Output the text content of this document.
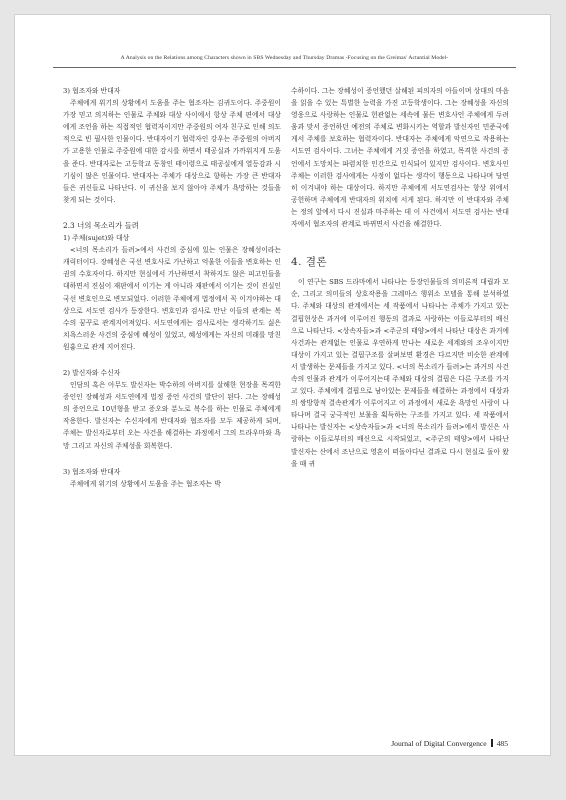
A Analysis on the Relations among Characters shown in SBS Wednesday and Thursday Dramas -Focusing on the Greimas' Actantial Model-

3) 협조자와 반대자

주체에게 위기의 상황에서 도움을 주는 협조자는 김귀도이다. 주중원이 가장 믿고 의지하는 인물로 주체와 대상 사이에서 항상 주체 편에서 대상에게 조언을 하는 직접적인 협력자이지만 주중원의 여자 친구로 인해 의도적으로 빈 필사한 인물이다. 반대자이기 협력자인 강우는 주중원의 아버지가 고용한 인물로 주중원에 대한 감시를 하면서 태공실과 가까워지게 도움을 준다. 반대자로는 고등학교 동창인 태이령으로 태공실에게 열등감과 시기심이 많은 인물이다. 반대자는 주체가 대상으로 향하는 가장 큰 반대자들은 귀신들로 나타난다. 이 귀신을 보지 않아야 주체가 욕망하는 것들을 찾게 되는 것이다.

2.3 너의 목소리가 들려

1) 주체(sujet)와 대상

<너의 목소리가 들려>에서 사건의 중심에 있는 인물은 장혜성이라는 캐릭터이다. 장혜성은 국선 변호사로 가난하고 억울한 이들을 변호하는 인권의 수호자이다. 하지만 현실에서 가난하면서 착하지도 않은 피고인들을 대하면서 진심이 재판에서 이기는 게 아니라 재판에서 이기는 것이 진실인 국선 변호인으로 변모되었다. 이러한 주체에게 법정에서 꼭 이겨야하는 대상으로 서도연 검사가 등장한다. 변호인과 검사로 만난 이들의 관계는 복수의 꿈꾸로 관계지어져있다. 서도연에게는 검사로서는 생각하기도 싫은 치욕스러운 사건의 중심에 혜성이 있었고, 혜성에게는 자신의 미래를 망친 원흉으로 관계 지어진다.

2) 발신자와 수신자

인담의 혹은 아무도 발신자는 박수하의 아버지를 살해한 현장을 목격한 증인인 장혜성과 서도연에게 법정 증언 사건의 발단이 된다. 그는 장혜성의 증언으로 10년형을 받고 증오와 분노로 복수를 하는 인물로 주체에게 작용한다. 발신자는 수신자에게 반대자와 협조자를 모두 제공하게 되며, 주체는 발신자로부터 오는 사건을 해결하는 과정에서 그의 트라우마와 욕망 그리고 자신의 주체성을 회복한다.

3) 협조자와 반대자

주체에게 위기의 상황에서 도움을 주는 협조자는 박

수하이다. 그는 장혜성이 증언했던 살해된 피의자의 아들이며 상대의 마음을 읽을 수 있는 특별한 능력을 가진 고등학생이다. 그는 장혜성을 자신의 영웅으로 사랑하는 인물로 헌관없는 세속에 물든 변호사인 주체에게 두려움과 맞서 증언하던 예전의 주체로 변화시키는 역할과 발신자인 민준국에게서 주체를 보호하는 협력자이다. 반대자는 주체에게 악연으로 작용하는 서도연 검사이다. 그녀는 주체에게 거짓 증언을 하였고, 목격한 사건의 증언에서 도망치는 파렴치한 인간으로 인식되어 있지만 검사이다. 변호사인 주체는 이러한 검사에게는 사정이 없다는 생각이 행동으로 나타나며 당연히 이겨내야 하는 대상이다. 하지만 주체에게 서도연검사는 항상 위에서 공헌하며 주체에게 반대자의 위치에 서게 된다. 하지만 이 반대자와 주체는 정의 앞에서 다시 진실과 마주하는 데 이 사건에서 서도연 검사는 반대자에서 협조자의 관계로 바뀌면서 사건을 해결한다.

4. 결론

이 연구는 SBS 드라마에서 나타나는 등장인물들의 의미론적 대립과 모순, 그리고 의미들의 상호작용을 그레마스 행위소 모델을 통해 분석하였다. 주체와 대상의 관계에서는 세 작품에서 나타나는 주체가 가지고 있는 결핍현상은 과거에 이루어진 행동의 결과로 사랑하는 이들로부터의 배신으로 나타난다. <상속자들>과 <주군의 태양>에서 나타난 대상은 과거에 사건과는 관계없는 인물로 우연하게 만나는 새로운 세계와의 조우이지만 대상이 가지고 있는 결핍구조를 살펴보면 환경은 다르지만 비슷한 관계에서 발생하는 문제들을 가지고 있다. <너의 목소리가 들려>는 과거의 사건 속의 인물과 관계가 이루어지는데 주체와 대상의 결핍은 다른 구조를 가지고 있다. 주체에게 결핍으로 남아있는 문제들을 해결하는 과정에서 대상과의 쌍방향적 결속관계가 이루어지고 이 과정에서 새로운 욕망인 사랑이 나타나며 결국 궁극적인 보물을 획득하는 구조를 가지고 있다. 세 작품에서 나타나는 발신자는 <상속자들>과 <너의 목소리가 들려>에서 발신은 사랑하는 이들로부터의 배신으로 시작되었고, <주군의 태양>에서 나타난 발신자는 산에서 조난으로 영혼이 떠돌아다닌 결과로 다시 현실로 돌아 왔을 때 귀

Journal of Digital Convergence 485
